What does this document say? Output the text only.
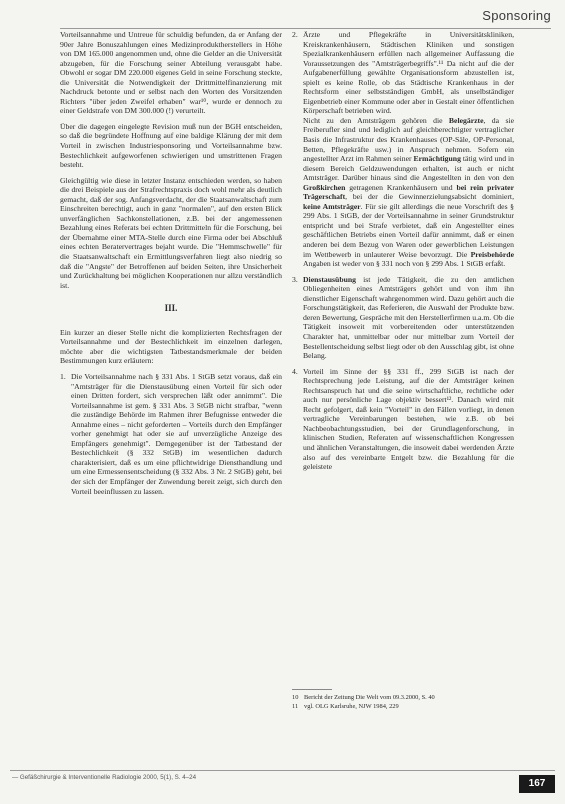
Sponsoring

Vorteilsannahme und Untreue für schuldig befunden, da er Anfang der 90er Jahre Bonuszahlungen eines Medizinproduktherstellers in Höhe von DM 165.000 angenommen und, ohne die Gelder an die Universität abzugeben, für die Forschung seiner Abteilung verausgabt habe. Obwohl er sogar DM 220.000 eigenes Geld in seine Forschung steckte, die Universität die Notwendigkeit der Drittmittelfinanzierung mit Nachdruck betonte und er selbst nach den Worten des Vorsitzenden Richters "über jeden Zweifel erhaben" war¹⁰, wurde er dennoch zu einer Geldstrafe von DM 300.000 (!) verurteilt.

Über die dagegen eingelegte Revision muß nun der BGH entscheiden, so daß die begründete Hoffnung auf eine baldige Klärung der mit dem Vorteil in zwischen Industriesponsoring und Vorteilsannahme bzw. Bestechlichkeit aufgeworfenen schwierigen und umstrittenen Fragen besteht.

Gleichgültig wie diese in letzter Instanz entschieden werden, so haben die drei Beispiele aus der Strafrechtspraxis doch wohl mehr als deutlich gemacht, daß der sog. Anfangsverdacht, der die Staatsanwaltschaft zum Einschreiten berechtigt, auch in ganz "normalen", auf den ersten Blick unverfänglichen Sachkonstellationen, z.B. bei der angemessenen Bezahlung eines Referats bei echten Drittmitteln für die Forschung, bei der Übernahme einer MTA-Stelle durch eine Firma oder bei Abschluß eines echten Beratervertrages bejaht wurde. Die "Hemmschwelle" für die Staatsanwaltschaft ein Ermittlungsverfahren liegt also niedrig so daß die "Angste" der Betroffenen auf beiden Seiten, ihre Unsicherheit und Zurückhaltung bei möglichen Kooperationen nur allzu verständlich ist.

III.

Ein kurzer an dieser Stelle nicht die komplizierten Rechtsfragen der Vorteilsannahme und der Bestechlichkeit im einzelnen darlegen, möchte aber die wichtigsten Tatbestandsmerkmale der beiden Bestimmungen kurz erläutern:

1. Die Vorteilsannahme nach § 331 Abs. 1 StGB setzt voraus, daß ein "Amtsträger für die Dienstausübung einen Vorteil für sich oder einen Dritten fordert, sich versprechen läßt oder annimmt". Die Vorteilsannahme ist gem. § 331 Abs. 3 StGB nicht strafbar, "wenn die zuständige Behörde im Rahmen ihrer Befugnisse entweder die Annahme eines – nicht geforderten – Vorteils durch den Empfänger vorher genehmigt hat oder sie auf unverzügliche Anzeige des Empfängers genehmigt". Demgegenüber ist der Tatbestand der Bestechlichkeit (§ 332 StGB) im wesentlichen dadurch charakterisiert, daß es um eine pflichtwidrige Diensthandlung und um eine Ermessensentscheidung (§ 332 Abs. 3 Nr. 2 StGB) geht, bei der sich der Empfänger der Zuwendung bereit zeigt, sich durch den Vorteil beeinflussen zu lassen.
2. Ärzte und Pflegekräfte in Universitätskliniken, Kreiskrankenhäusern, Städtischen Kliniken und sonstigen Spezialkrankenhäusern erfüllen nach allgemeiner Auffassung die Voraussetzungen des "Amtsträgerbegriffs".¹¹ Da nicht auf die der Aufgabenerfüllung gewählte Organisationsform abzustellen ist, spielt es keine Rolle, ob das Städtische Krankenhaus in der Rechtsform einer selbstständigen GmbH, als unselbständiger Eigenbetrieb einer Kommune oder aber in Gestalt einer öffentlichen Körperschaft betrieben wird.
Nicht zu den Amtsträgern gehören die Belegärzte, da sie Freiberufler sind und lediglich auf gleichberechtigter vertraglicher Basis die Infrastruktur des Krankenhauses (OP-Säle, OP-Personal, Betten, Pflegekräfte usw.) in Anspruch nehmen. Sofern ein angestellter Arzt im Rahmen seiner Ermächtigung tätig wird und in diesem Bereich Geldzuwendungen erhalten, ist auch er nicht Amtsträger. Darüber hinaus sind die Angestellten in den von den Großkirchen getragenen Krankenhäusern und bei rein privater Trägerschaft, bei der die Gewinnerzielungsabsicht dominiert, keine Amtsträger. Für sie gilt allerdings die neue Vorschrift des § 299 Abs. 1 StGB, der der Vorteilsannahme in seiner Grundstruktur entspricht und bei Strafe verbietet, daß ein Angestellter eines geschäftlichen Betriebs einen Vorteil dafür annimmt, daß er einen anderen bei dem Bezug von Waren oder gewerblichen Leistungen im Wettbewerb in unlauterer Weise bevorzugt. Die Preisbehörde Angaben ist weder von § 331 noch von § 299 Abs. 1 StGB erfaßt.
3. Dienstausübung ist jede Tätigkeit, die zu den amtlichen Obliegenheiten eines Amtsträgers gehört und von ihm ihn dienstlicher Eigenschaft wahrgenommen wird. Dazu gehört auch die Forschungstätigkeit, das Referieren, die Auswahl der Produkte bzw. deren Bewertung, Gespräche mit den Herstellerfirmen u.a.m. Ob die Tätigkeit insoweit mit vorbereitenden oder unterstützenden Charakter hat, unmittelbar oder nur mittelbar zum Vorteil der Bestellentscheidung selbst liegt oder ob den Ausschlag gibt, ist ohne Belang.
4. Vorteil im Sinne der §§ 331 ff., 299 StGB ist nach der Rechtsprechung jede Leistung, auf die der Amtsträger keinen Rechtsanspruch hat und die seine wirtschaftliche, rechtliche oder auch nur persönliche Lage objektiv bessert¹². Danach wird mit Recht gefolgert, daß kein "Vorteil" in den Fällen vorliegt, in denen vertragliche Vereinbarungen bestehen, wie z.B. ob bei Nachbeobachtungsstudien, bei der Grundlagenforschung, in klinischen Studien, Referaten auf wissenschaftlichen Kongressen und ähnlichen Veranstaltungen, die insoweit dabei werdenden Ärzte also auf des vereinbarte Entgelt bzw. die Bezahlung für die geleistete
10 Bericht der Zeitung Die Welt vom 09.3.2000, S. 40
11 vgl. OLG Karlsruhe, NJW 1984, 229
— Gefäßchirurgie & Interventionelle Radiologie 2000, 5(1), S. 4–24
167
